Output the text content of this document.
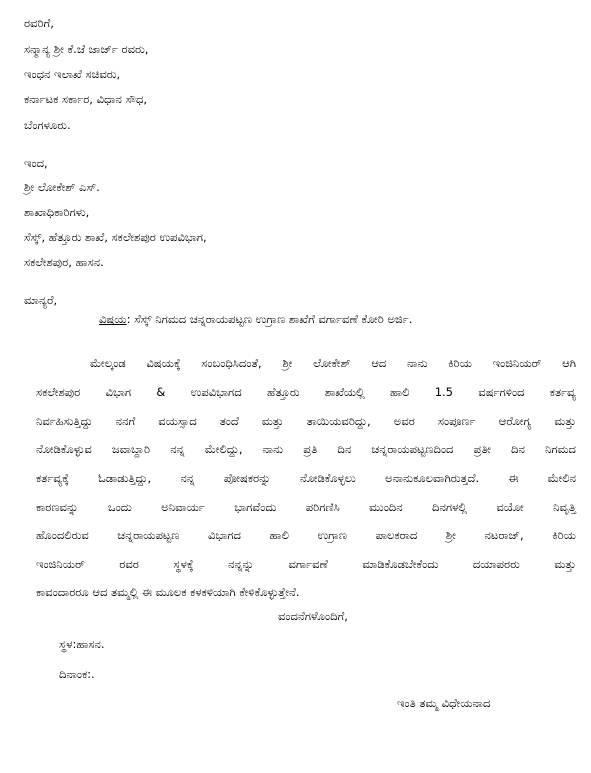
ರವರಿಗೆ,
ಸನ್ಮಾನ್ಯ ಶ್ರೀ ಕೆ.ಜೆ ಜಾರ್ಜ್ ರವರು,
ಇಂಧನ ಇಲಾಖೆ ಸಚಿವರು,
ಕರ್ನಾಟಕ ಸರ್ಕಾರ, ವಿಧಾನ ಸೌಧ,
ಬೆಂಗಳೂರು.
ಇಂದ,
ಶ್ರೀ ಲೋಕೇಶ್ ಎಸ್.
ಶಾಖಾಧಿಕಾರಿಗಳು,
ಸೆಸ್ಕ್, ಹೆತ್ತೂರು ಶಾಖೆ, ಸಕಲೇಶಪುರ ಉಪವಿಭಾಗ,
ಸಕಲೇಶಪುರ, ಹಾಸನ.
ಮಾನ್ಯರೆ,
ವಿಷಯ: ಸೆಸ್ಕ್ ನಿಗಮದ ಚನ್ನರಾಯಪಟ್ಟಣ ಉಗ್ರಾಣ ಶಾಖೆಗೆ ವರ್ಗಾವಣೆ ಕೋರಿ ಅರ್ಜಿ.
ಮೇಲ್ಕಂಡ ವಿಷಯಕ್ಕೆ ಸಂಬಂಧಿಸಿದಂತೆ, ಶ್ರೀ ಲೋಕೇಶ್ ಆದ ನಾನು ಕಿರಿಯ ಇಂಜಿನಿಯರ್ ಆಗಿ
ಸಕಲೇಶಪುರ ವಿಭಾಗ & ಉಪವಿಭಾಗದ ಹೆತ್ತೂರು ಶಾಖೆಯಲ್ಲಿ ಹಾಲಿ 1.5 ವರ್ಷಗಳಿಂದ ಕರ್ತವ್ಯ
ನಿರ್ವಹಿಸುತ್ತಿದ್ದು ನನಗೆ ವಯಸ್ಸಾದ ತಂದೆ ಮತ್ತು ತಾಯಿಯವರಿದ್ದು, ಅವರ ಸಂಪೂರ್ಣ ಆರೋಗ್ಯ ಮತ್ತು
ನೋಡಿಕೊಳ್ಳುವ ಜವಾಬ್ದಾರಿ ನನ್ನ ಮೇಲಿದ್ದು, ನಾನು ಪ್ರತಿ ದಿನ ಚನ್ನರಾಯಪಟ್ಟಣದಿಂದ ಪ್ರತೀ ದಿನ ನಿಗಮದ
ಕರ್ತವ್ಯಕ್ಕೆ ಓಡಾಡುತ್ತಿದ್ದು, ನನ್ನ ಪೋಷಕರನ್ನು ನೋಡಿಕೊಳ್ಳಲು ಅನಾನುಕೂಲವಾಗಿರುತ್ತದೆ. ಈ ಮೇಲಿನ
ಕಾರಣವನ್ನು ಒಂದು ಅನಿವಾರ್ಯ ಭಾಗವೆಂದು ಪರಿಗಣಿಸಿ ಮುಂದಿನ ದಿನಗಳಲ್ಲಿ ವಯೋ ನಿವೃತ್ತಿ
ಹೊಂದಲಿರುವ ಚನ್ನರಾಯಪಟ್ಟಣ ವಿಭಾಗದ ಹಾಲಿ ಉಗ್ರಾಣ ಪಾಲಕರಾದ ಶ್ರೀ ನಟರಾಜ್, ಕಿರಿಯ
ಇಂಜಿನಿಯರ್ ರವರ ಸ್ಥಳಕ್ಕೆ ನನ್ನನ್ನು ವರ್ಗಾವಣೆ ಮಾಡಿಕೊಡಬೇಕೆಂದು ದಯಾಪರರು ಮತ್ತು
ಕಾವಂದಾರರೂ ಆದ ತಮ್ಮಲ್ಲಿ ಈ ಮೂಲಕ ಕಳಕಳಿಯಾಗಿ ಕೇಳಿಕೊಳ್ಳುತ್ತೇನೆ.
ವಂದನೆಗಳೊಂದಿಗೆ,
ಸ್ಥಳ:ಹಾಸನ.
ದಿನಾಂಕ:.
ಇಂತಿ ತಮ್ಮ ವಿಧೇಯನಾದ
